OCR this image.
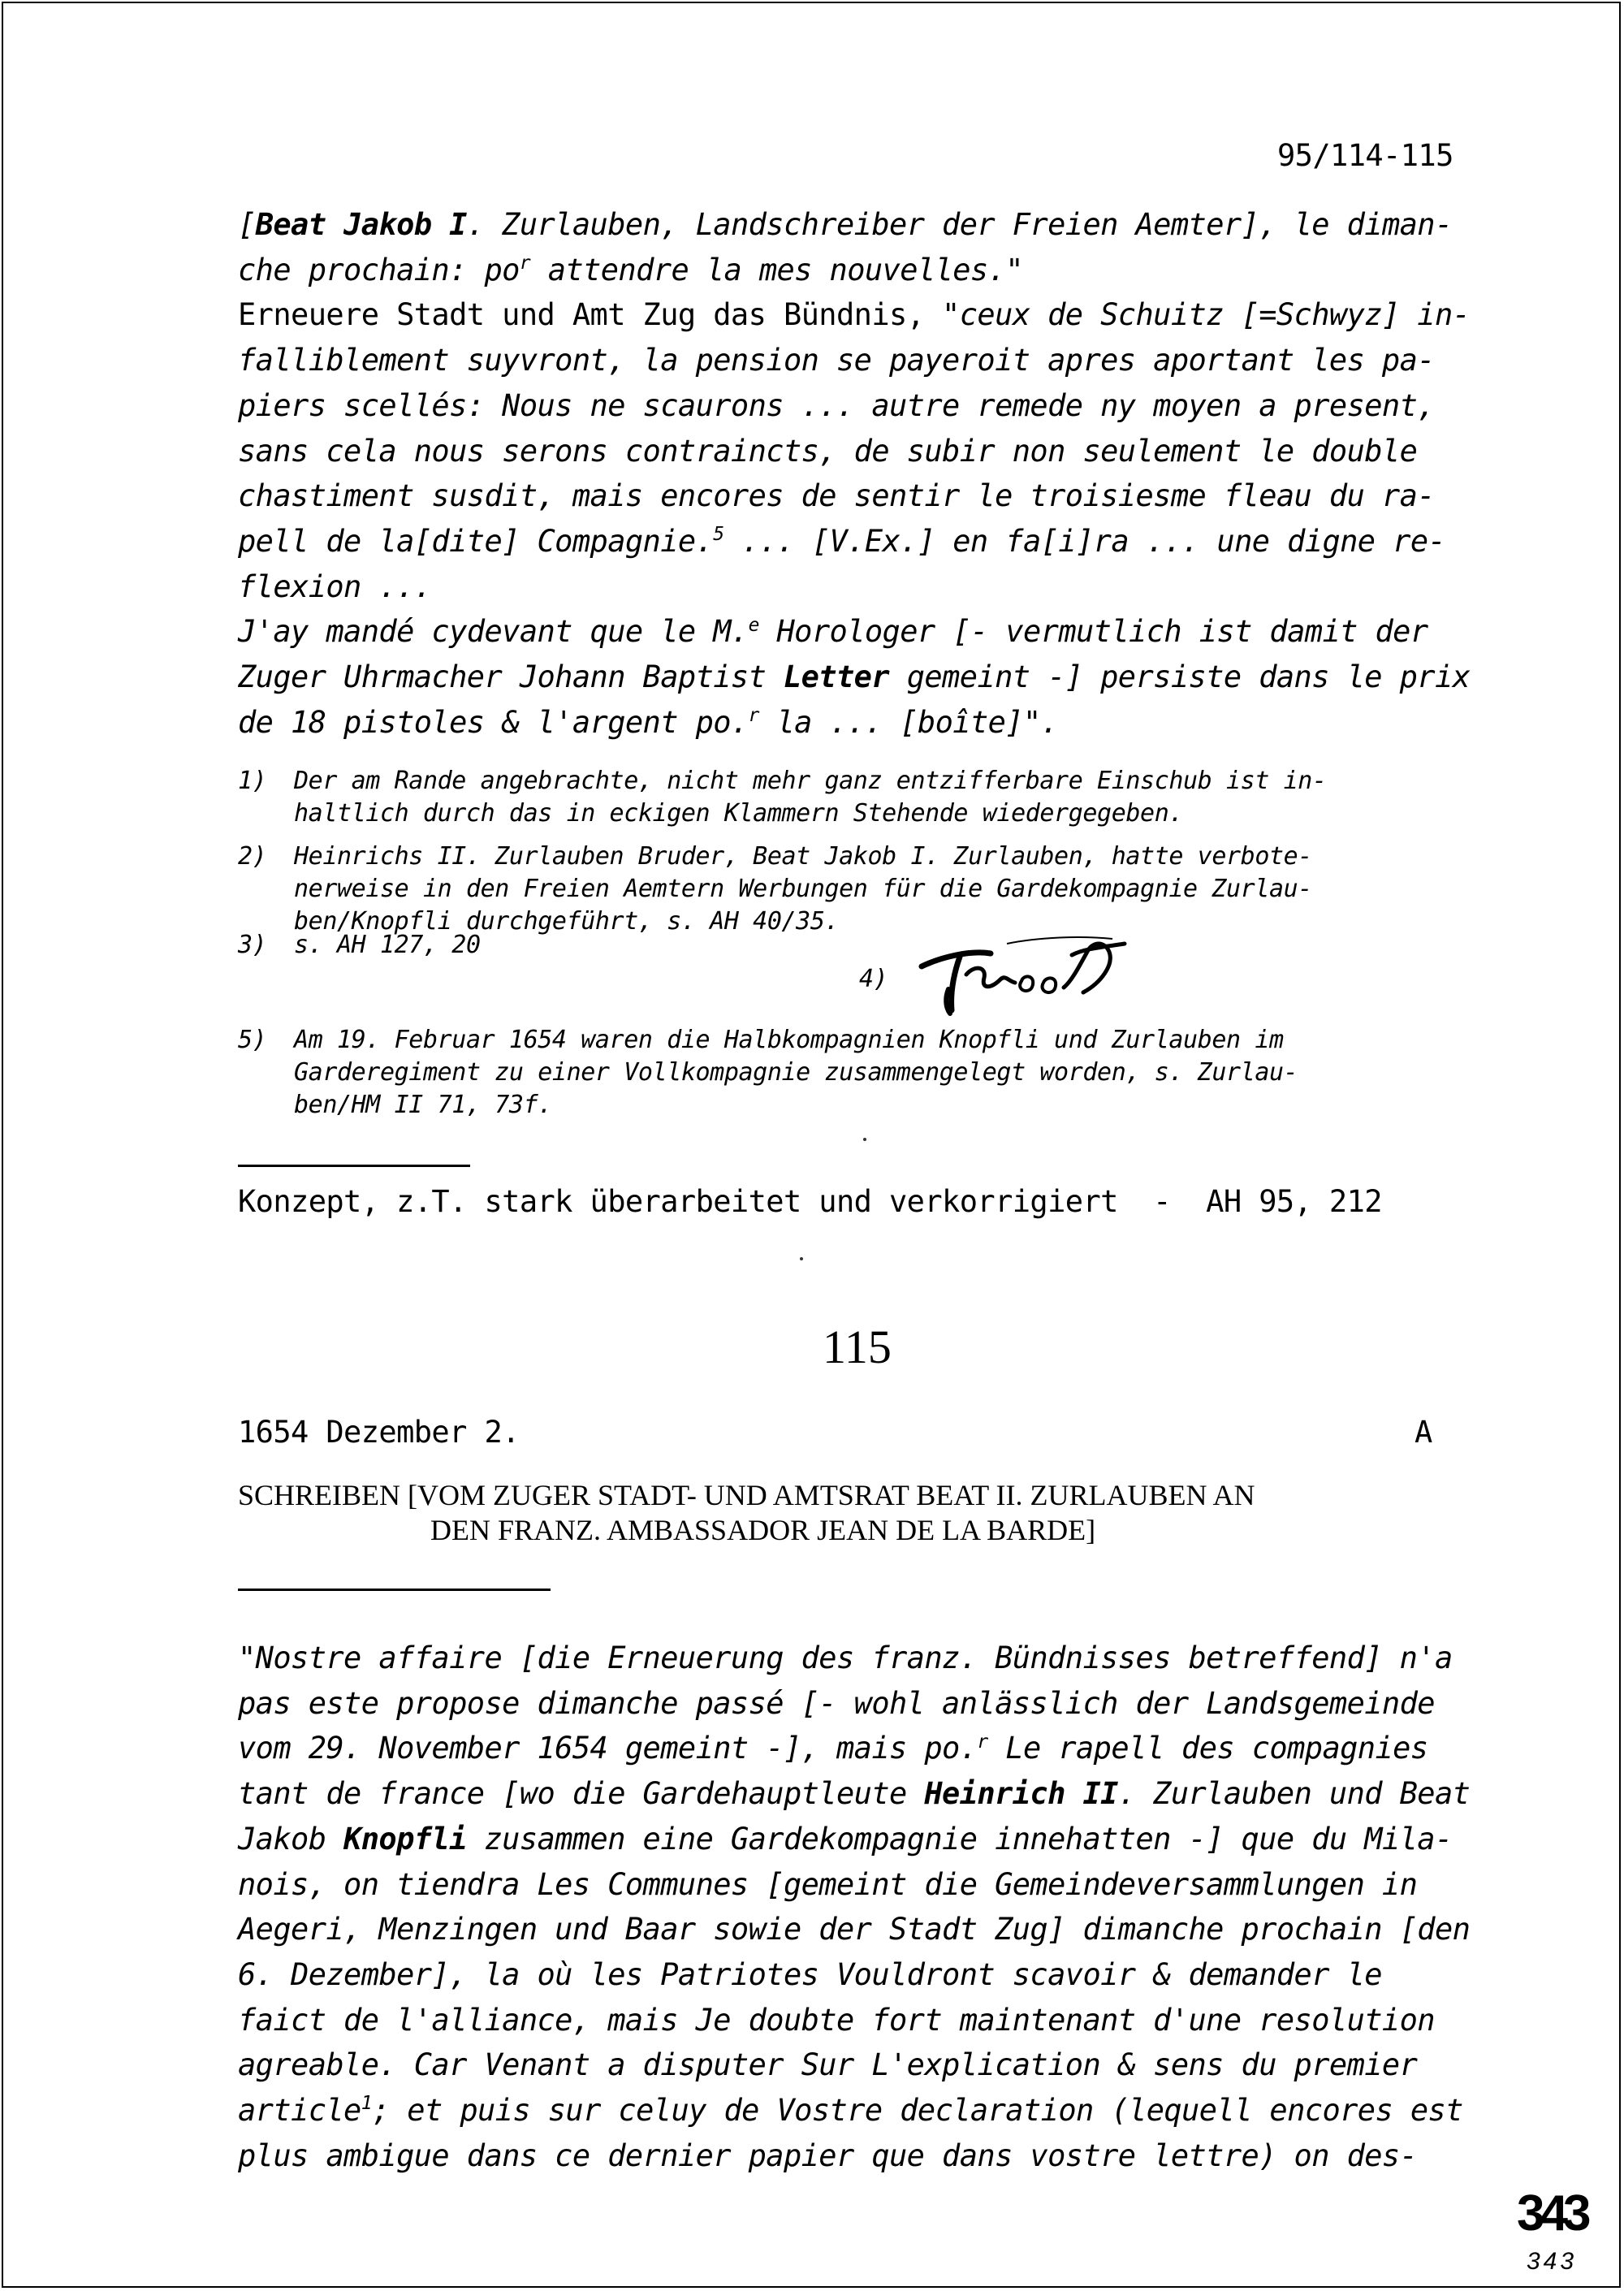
95/114-115
[Beat Jakob I. Zurlauben, Landschreiber der Freien Aemter], le diman-
che prochain: $po^r$ attendre la mes nouvelles."
Erneuere Stadt und Amt Zug das Bündnis, "ceux de Schuitz [=Schwyz] in-
falliblement suyvront, la pension se payeroit apres aportant les pa-
piers scellés: Nous ne scaurons ... autre remede ny moyen a present,
sans cela nous serons contraincts, de subir non seulement le double
chastiment susdit, mais encores de sentir le troisiesme fleau du ra-
pell de la[dite] Compagnie.$^5$ ... [V.Ex.] en fa[i]ra ... une digne re-
flexion ...
J'ay mandé cydevant que le M.$^e$ Horologer [- vermutlich ist damit der
Zuger Uhrmacher Johann Baptist Letter gemeint -] persiste dans le prix
de 18 pistoles & l'argent po.$^r$ la ... [boîte]".
1) Der am Rande angebrachte, nicht mehr ganz entzifferbare Einschub ist in-
haltlich durch das in eckigen Klammern Stehende wiedergegeben.
2) Heinrichs II. Zurlauben Bruder, Beat Jakob I. Zurlauben, hatte verbote-
nerweise in den Freien Aemtern Werbungen für die Gardekompagnie Zurlau-
ben/Knopfli durchgeführt, s. AH 40/35.
3) s. AH 127, 20
4)
5) Am 19. Februar 1654 waren die Halbkompagnien Knopfli und Zurlauben im
Garderegiment zu einer Vollkompagnie zusammengelegt worden, s. Zurlau-
ben/HM II 71, 73f.
Konzept, z.T. stark überarbeitet und verkorrigiert  -  AH 95, 212
115
1654 Dezember 2.	A
SCHREIBEN [VOM ZUGER STADT- UND AMTSRAT BEAT II. ZURLAUBEN AN
DEN FRANZ. AMBASSADOR JEAN DE LA BARDE]
"Nostre affaire [die Erneuerung des franz. Bündnisses betreffend] n'a
pas este propose dimanche passé [- wohl anlässlich der Landsgemeinde
vom 29. November 1654 gemeint -], mais po.$^r$ Le rapell des compagnies
tant de france [wo die Gardehauptleute Heinrich II. Zurlauben und Beat
Jakob Knopfli zusammen eine Gardekompagnie innehatten -] que du Mila-
nois, on tiendra Les Communes [gemeint die Gemeindeversammlungen in
Aegeri, Menzingen und Baar sowie der Stadt Zug] dimanche prochain [den
6. Dezember], la où les Patriotes Vouldront scavoir & demander le
faict de l'alliance, mais Je doubte fort maintenant d'une resolution
agreable. Car Venant a disputer Sur L'explication & sens du premier
article$^1$; et puis sur celuy de Vostre declaration (lequell encores est
plus ambigue dans ce dernier papier que dans vostre lettre) on des-
343
343
